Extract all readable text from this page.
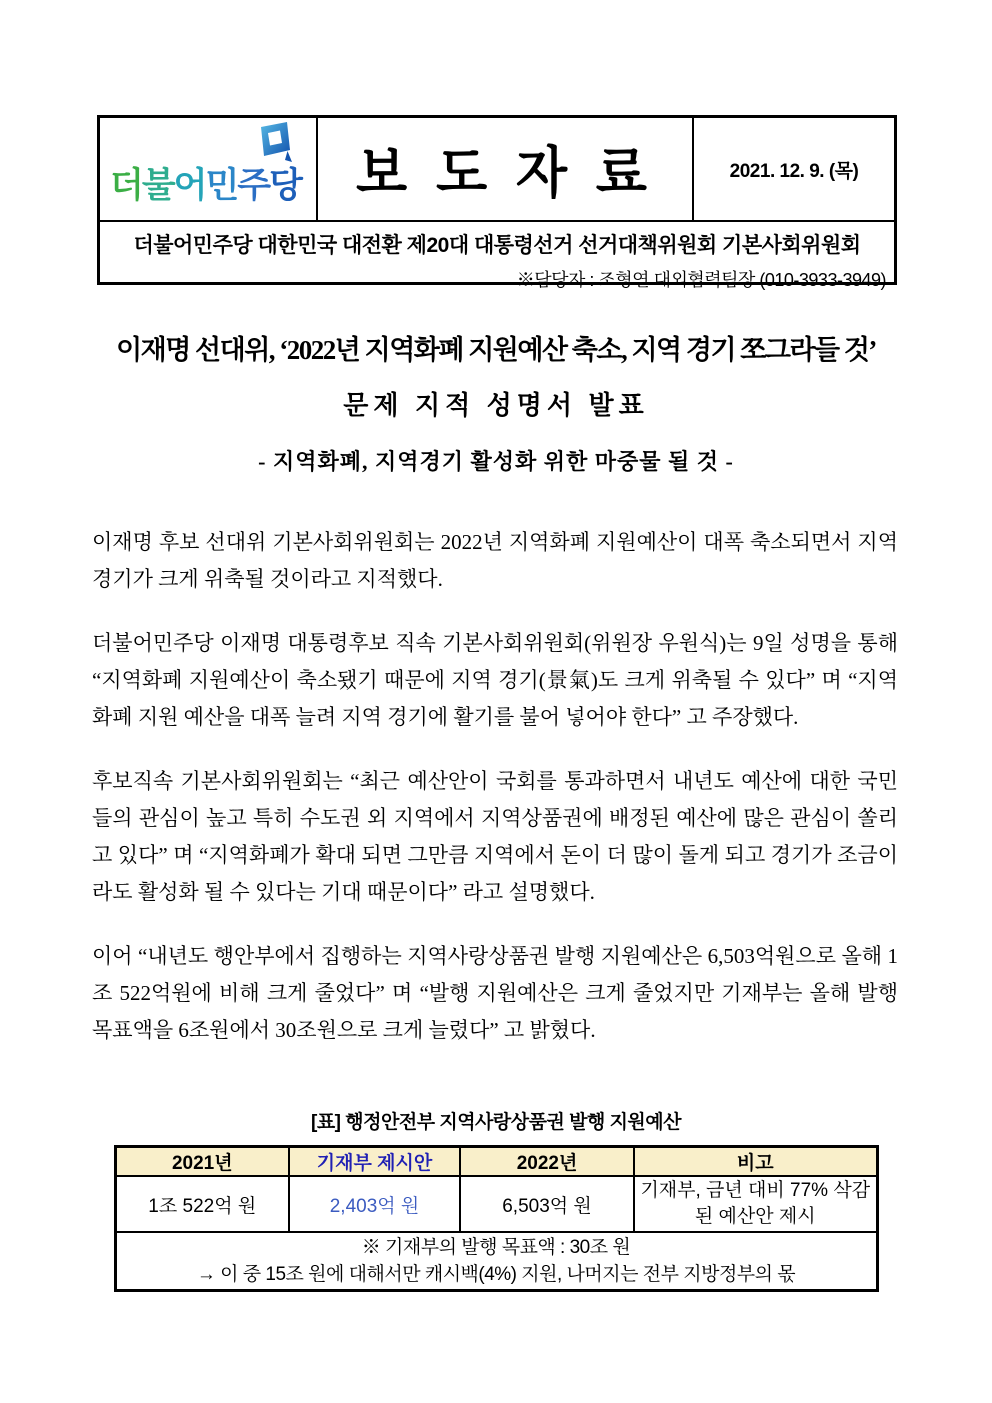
더불어민주당 보 도 자 료	2021. 12. 9. (목)
더불어민주당 대한민국 대전환 제20대 대통령선거 선거대책위원회 기본사회위원회
※담당자 : 조형연 대외협력팀장 (010-3933-3949)
이재명 선대위, ‘2022년 지역화폐 지원예산 축소, 지역 경기 쪼그라들 것’
문제 지적 성명서 발표
- 지역화폐, 지역경기 활성화 위한 마중물 될 것 -

이재명 후보 선대위 기본사회위원회는 2022년 지역화폐 지원예산이 대폭 축소되면서 지역 경기가 크게 위축될 것이라고 지적했다.

더불어민주당 이재명 대통령후보 직속 기본사회위원회(위원장 우원식)는 9일 성명을 통해 “지역화폐 지원예산이 축소됐기 때문에 지역 경기(景氣)도 크게 위축될 수 있다” 며 “지역화폐 지원 예산을 대폭 늘려 지역 경기에 활기를 불어 넣어야 한다” 고 주장했다.

후보직속 기본사회위원회는 “최근 예산안이 국회를 통과하면서 내년도 예산에 대한 국민들의 관심이 높고 특히 수도권 외 지역에서 지역상품권에 배정된 예산에 많은 관심이 쏠리고 있다” 며 “지역화폐가 확대 되면 그만큼 지역에서 돈이 더 많이 돌게 되고 경기가 조금이라도 활성화 될 수 있다는 기대 때문이다” 라고 설명했다.

이어 “내년도 행안부에서 집행하는 지역사랑상품권 발행 지원예산은 6,503억원으로 올해 1조 522억원에 비해 크게 줄었다” 며 “발행 지원예산은 크게 줄었지만 기재부는 올해 발행 목표액을 6조원에서 30조원으로 크게 늘렸다” 고 밝혔다.

[표] 행정안전부 지역사랑상품권 발행 지원예산
2021년	기재부 제시안	2022년	비고
1조 522억 원	2,403억 원	6,503억 원	기재부, 금년 대비 77% 삭감된 예산안 제시

※ 기재부의 발행 목표액 : 30조 원
→ 이 중 15조 원에 대해서만 캐시백(4%) 지원, 나머지는 전부 지방정부의 몫			
